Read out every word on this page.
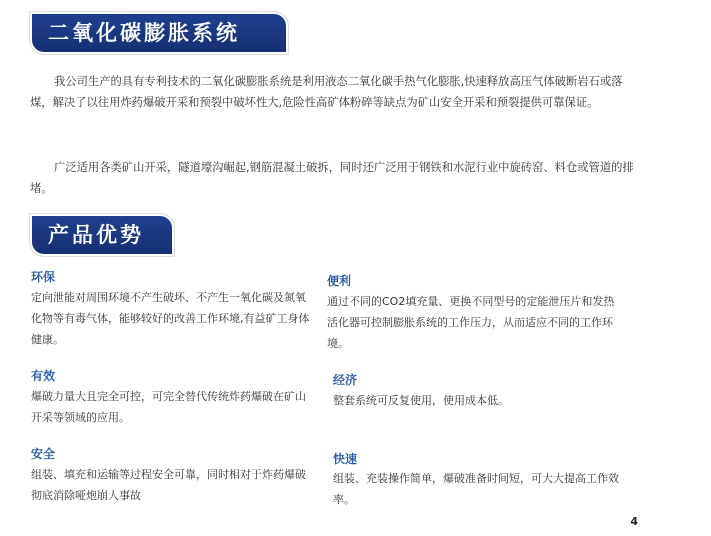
二氧化碳膨胀系统

我公司生产的具有专利技术的二氧化碳膨胀系统是利用液态二氧化碳手热气化膨胀,快速释放高压气体破断岩石或落煤，解决了以往用炸药爆破开采和预裂中破坏性大,危险性高矿体粉碎等缺点为矿山安全开采和预裂提供可靠保证。

广泛适用各类矿山开采，隧道壕沟崛起,钢筋混凝土破拆，同时还广泛用于钢铁和水泥行业中旋砖窑、料仓或管道的排堵。

产品优势

环保

定向泄能对周围环境不产生破坏、不产生一氧化碳及氮氧化物等有毒气体，能够较好的改善工作环境,有益矿工身体健康。

便利

通过不同的CO2填充量、更换不同型号的定能泄压片和发热活化器可控制膨胀系统的工作压力，从而适应不同的工作环境。

有效

爆破力量大且完全可控，可完全替代传统炸药爆破在矿山开采等领域的应用。

经济

整套系统可反复使用，使用成本低。

安全

组装、填充和运输等过程安全可靠，同时相对于炸药爆破彻底消除哑炮崩人事故

快速

组装、充装操作简单，爆破准备时间短，可大大提高工作效率。

4
